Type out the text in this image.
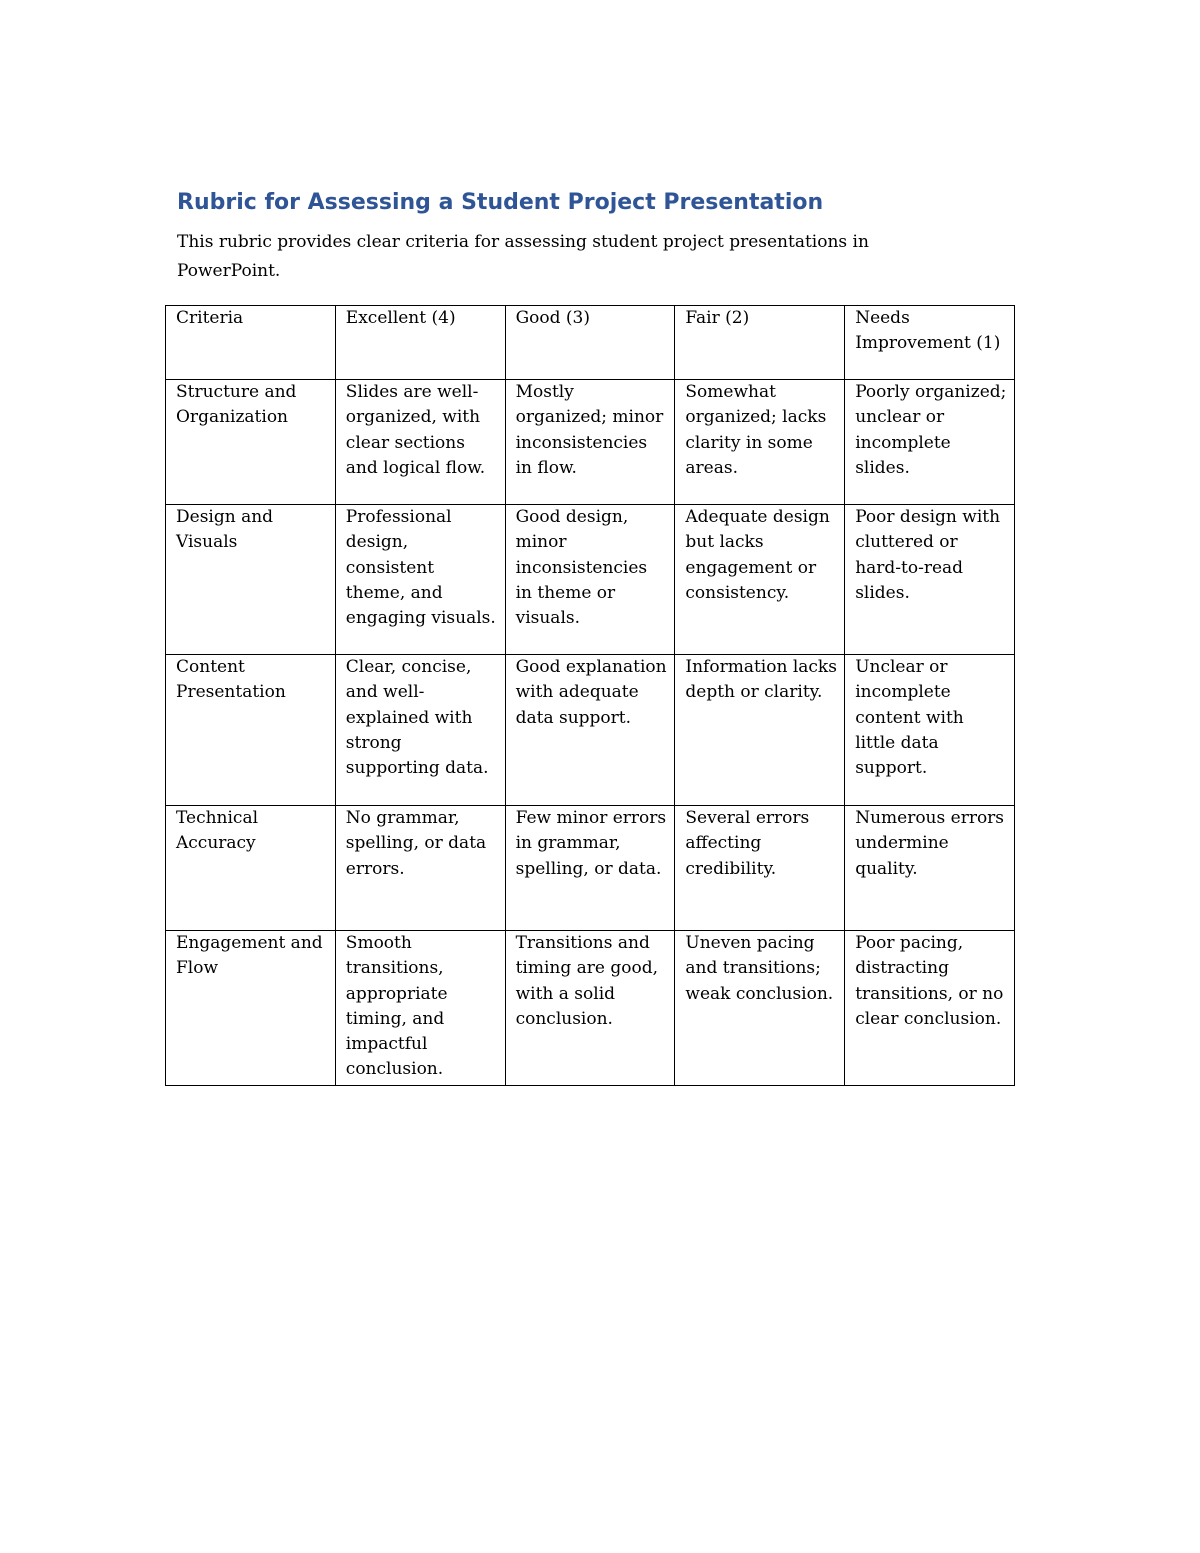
Rubric for Assessing a Student Project Presentation

This rubric provides clear criteria for assessing student project presentations in PowerPoint.

Criteria	Excellent (4)	Good (3)	Fair (2)	Needs Improvement (1)
Structure and Organization	Slides are well-organized, with clear sections and logical flow.	Mostly organized; minor inconsistencies in flow.	Somewhat organized; lacks clarity in some areas.	Poorly organized; unclear or incomplete slides.
Design and Visuals	Professional design, consistent theme, and engaging visuals.	Good design, minor inconsistencies in theme or visuals.	Adequate design but lacks engagement or consistency.	Poor design with cluttered or hard-to-read slides.
Content Presentation	Clear, concise, and well-explained with strong supporting data.	Good explanation with adequate data support.	Information lacks depth or clarity.	Unclear or incomplete content with little data support.
Technical Accuracy	No grammar, spelling, or data errors.	Few minor errors in grammar, spelling, or data.	Several errors affecting credibility.	Numerous errors undermine quality.
Engagement and Flow	Smooth transitions, appropriate timing, and impactful conclusion.	Transitions and timing are good, with a solid conclusion.	Uneven pacing and transitions; weak conclusion.	Poor pacing, distracting transitions, or no clear conclusion.
